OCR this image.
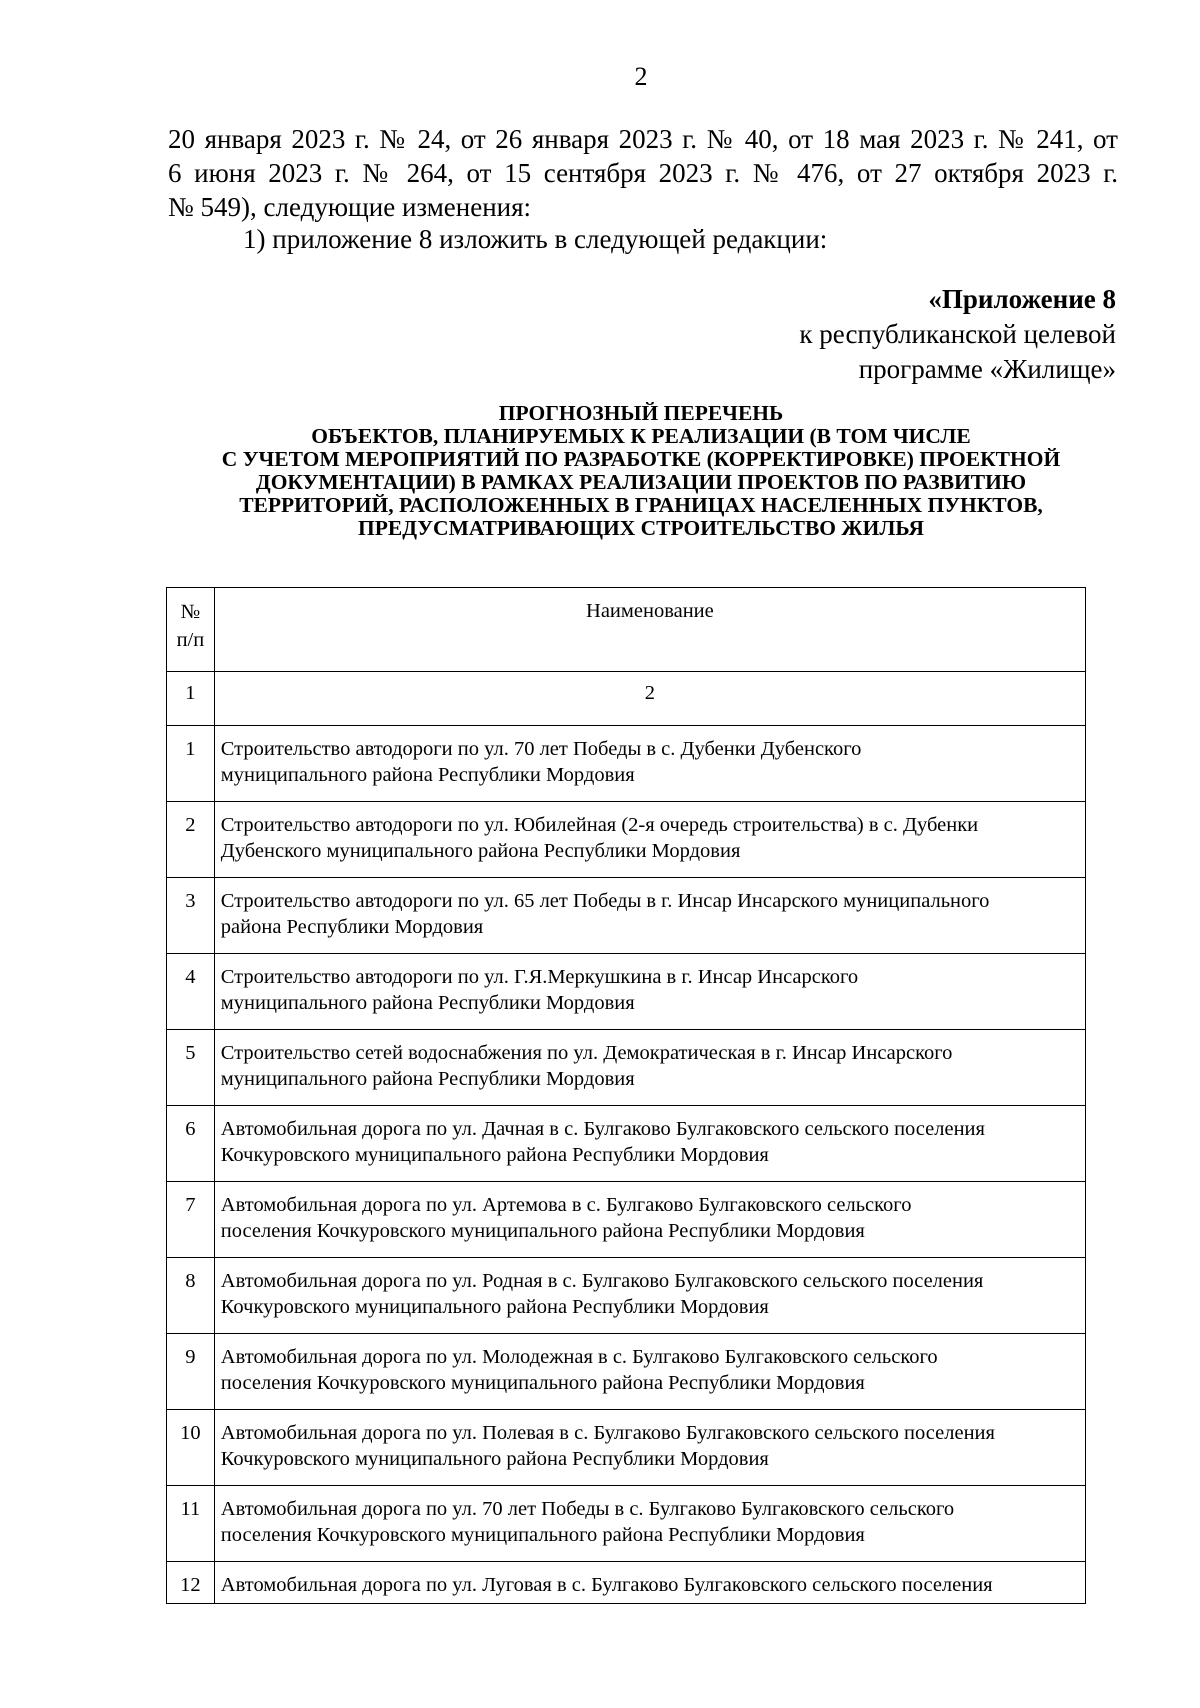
2
20 января 2023 г. № 24, от 26 января 2023 г. № 40, от 18 мая 2023 г. № 241, от
6 июня 2023 г. № 264, от 15 сентября 2023 г. № 476, от 27 октября 2023 г.
№ 549), следующие изменения:
1) приложение 8 изложить в следующей редакции:
«Приложение 8
к республиканской целевой
программе «Жилище»
ПРОГНОЗНЫЙ ПЕРЕЧЕНЬ
ОБЪЕКТОВ, ПЛАНИРУЕМЫХ К РЕАЛИЗАЦИИ (В ТОМ ЧИСЛЕ
С УЧЕТОМ МЕРОПРИЯТИЙ ПО РАЗРАБОТКЕ (КОРРЕКТИРОВКЕ) ПРОЕКТНОЙ
ДОКУМЕНТАЦИИ) В РАМКАХ РЕАЛИЗАЦИИ ПРОЕКТОВ ПО РАЗВИТИЮ
ТЕРРИТОРИЙ, РАСПОЛОЖЕННЫХ В ГРАНИЦАХ НАСЕЛЕННЫХ ПУНКТОВ,
ПРЕДУСМАТРИВАЮЩИХ СТРОИТЕЛЬСТВО ЖИЛЬЯ
№
п/п	Наименование
1	2
1	Строительство автодороги по ул. 70 лет Победы в с. Дубенки Дубенского
муниципального района Республики Мордовия
2	Строительство автодороги по ул. Юбилейная (2-я очередь строительства) в с. Дубенки
Дубенского муниципального района Республики Мордовия
3	Строительство автодороги по ул. 65 лет Победы в г. Инсар Инсарского муниципального
района Республики Мордовия
4	Строительство автодороги по ул. Г.Я.Меркушкина в г. Инсар Инсарского
муниципального района Республики Мордовия
5	Строительство сетей водоснабжения по ул. Демократическая в г. Инсар Инсарского
муниципального района Республики Мордовия
6	Автомобильная дорога по ул. Дачная в с. Булгаково Булгаковского сельского поселения
Кочкуровского муниципального района Республики Мордовия
7	Автомобильная дорога по ул. Артемова в с. Булгаково Булгаковского сельского
поселения Кочкуровского муниципального района Республики Мордовия
8	Автомобильная дорога по ул. Родная в с. Булгаково Булгаковского сельского поселения
Кочкуровского муниципального района Республики Мордовия
9	Автомобильная дорога по ул. Молодежная в с. Булгаково Булгаковского сельского
поселения Кочкуровского муниципального района Республики Мордовия
10	Автомобильная дорога по ул. Полевая в с. Булгаково Булгаковского сельского поселения
Кочкуровского муниципального района Республики Мордовия
11	Автомобильная дорога по ул. 70 лет Победы в с. Булгаково Булгаковского сельского
поселения Кочкуровского муниципального района Республики Мордовия
12	Автомобильная дорога по ул. Луговая в с. Булгаково Булгаковского сельского поселения
